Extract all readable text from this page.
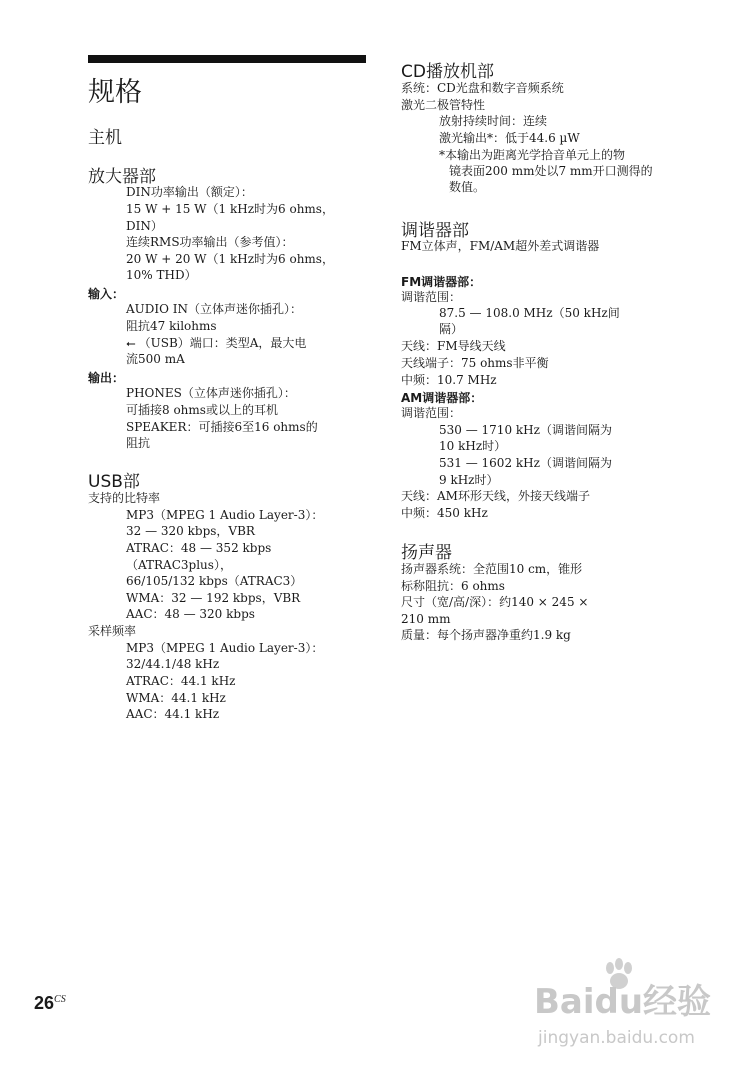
规格
主机
放大器部
DIN功率输出（额定）：
15 W + 15 W（1 kHz时为6 ohms，
DIN）
连续RMS功率输出（参考值）：
20 W + 20 W（1 kHz时为6 ohms，
10% THD）
输入：
AUDIO IN（立体声迷你插孔）：
阻抗47 kilohms
⭠ （USB）端口：类型A，最大电
流500 mA
输出：
PHONES（立体声迷你插孔）：
可插接8 ohms或以上的耳机
SPEAKER：可插接6至16 ohms的
阻抗
USB部
支持的比特率
MP3（MPEG 1 Audio Layer-3）：
32 — 320 kbps，VBR
ATRAC：48 — 352 kbps
（ATRAC3plus），
66/105/132 kbps（ATRAC3）
WMA：32 — 192 kbps，VBR
AAC：48 — 320 kbps
采样频率
MP3（MPEG 1 Audio Layer-3）：
32/44.1/48 kHz
ATRAC：44.1 kHz
WMA：44.1 kHz
AAC：44.1 kHz
CD播放机部
系统：CD光盘和数字音频系统
激光二极管特性
放射持续时间：连续
激光输出*：低于44.6 µW
*本输出为距离光学拾音单元上的物
镜表面200 mm处以7 mm开口测得的
数值。
调谐器部
FM立体声，FM/AM超外差式调谐器
FM调谐器部：
调谐范围：
87.5 — 108.0 MHz（50 kHz间
隔）
天线：FM导线天线
天线端子：75 ohms非平衡
中频：10.7 MHz
AM调谐器部：
调谐范围：
530 — 1710 kHz（调谐间隔为
10 kHz时）
531 — 1602 kHz（调谐间隔为
9 kHz时）
天线：AM环形天线，外接天线端子
中频：450 kHz
扬声器
扬声器系统：全范围10 cm，锥形
标称阻抗：6 ohms
尺寸（宽/高/深）：约140 × 245 ×
210 mm
质量：每个扬声器净重约1.9 kg
$26^{CS}$	Baidu经验
jingyan.baidu.com
